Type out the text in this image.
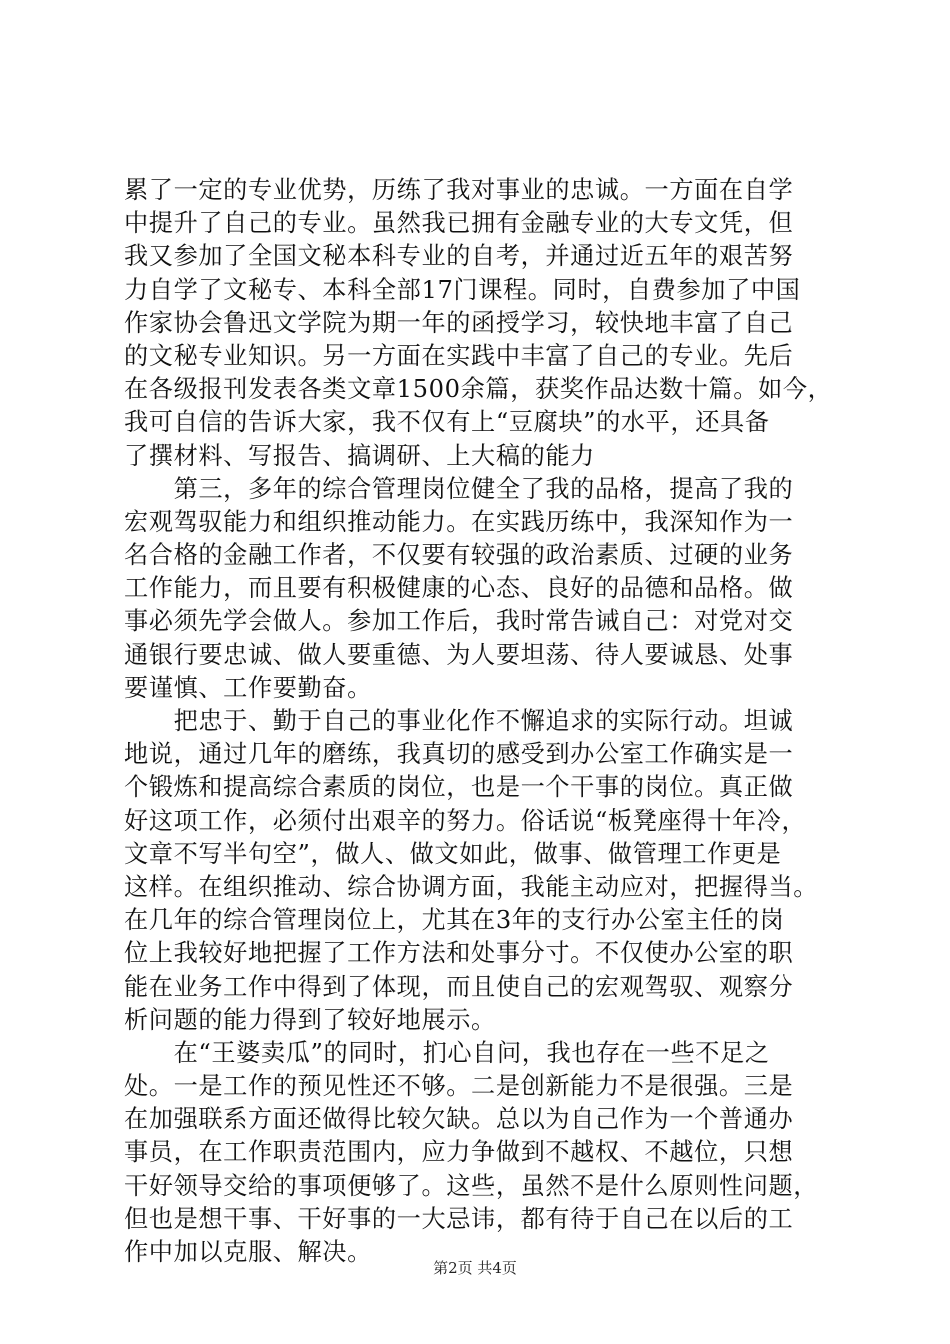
累了一定的专业优势，历练了我对事业的忠诚。一方面在自学
中提升了自己的专业。虽然我已拥有金融专业的大专文凭，但
我又参加了全国文秘本科专业的自考，并通过近五年的艰苦努
力自学了文秘专、本科全部17门课程。同时，自费参加了中国
作家协会鲁迅文学院为期一年的函授学习，较快地丰富了自己
的文秘专业知识。另一方面在实践中丰富了自己的专业。先后
在各级报刊发表各类文章1500余篇，获奖作品达数十篇。如今，
我可自信的告诉大家，我不仅有上“豆腐块”的水平，还具备
了撰材料、写报告、搞调研、上大稿的能力
　　第三，多年的综合管理岗位健全了我的品格，提高了我的
宏观驾驭能力和组织推动能力。在实践历练中，我深知作为一
名合格的金融工作者，不仅要有较强的政治素质、过硬的业务
工作能力，而且要有积极健康的心态、良好的品德和品格。做
事必须先学会做人。参加工作后，我时常告诫自己：对党对交
通银行要忠诚、做人要重德、为人要坦荡、待人要诚恳、处事
要谨慎、工作要勤奋。
　　把忠于、勤于自己的事业化作不懈追求的实际行动。坦诚
地说，通过几年的磨练，我真切的感受到办公室工作确实是一
个锻炼和提高综合素质的岗位，也是一个干事的岗位。真正做
好这项工作，必须付出艰辛的努力。俗话说“板凳座得十年冷，
文章不写半句空”，做人、做文如此，做事、做管理工作更是
这样。在组织推动、综合协调方面，我能主动应对，把握得当。
在几年的综合管理岗位上，尤其在3年的支行办公室主任的岗
位上我较好地把握了工作方法和处事分寸。不仅使办公室的职
能在业务工作中得到了体现，而且使自己的宏观驾驭、观察分
析问题的能力得到了较好地展示。
　　在“王婆卖瓜”的同时，扪心自问，我也存在一些不足之
处。一是工作的预见性还不够。二是创新能力不是很强。三是
在加强联系方面还做得比较欠缺。总以为自己作为一个普通办
事员，在工作职责范围内，应力争做到不越权、不越位，只想
干好领导交给的事项便够了。这些，虽然不是什么原则性问题，
但也是想干事、干好事的一大忌讳，都有待于自己在以后的工
作中加以克服、解决。
第2页 共4页
